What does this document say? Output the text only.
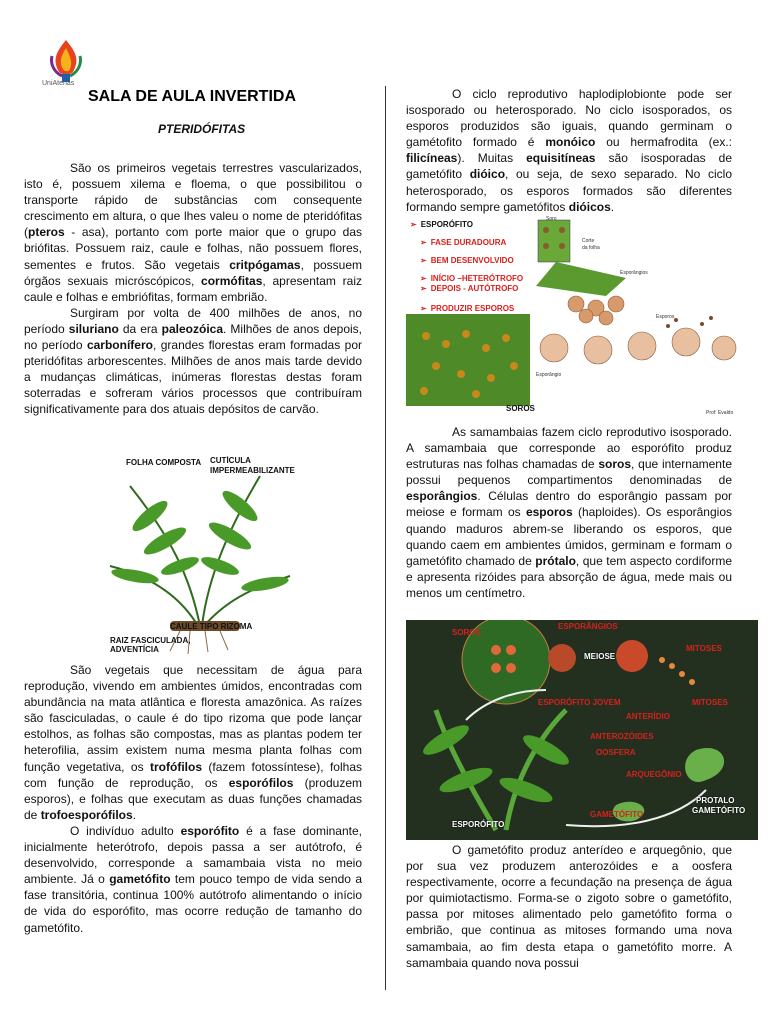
UniAtenas
SALA DE AULA INVERTIDA
PTERIDÓFITAS

São os primeiros vegetais terrestres vascularizados, isto é, possuem xilema e floema, o que possibilitou o transporte rápido de substâncias com consequente crescimento em altura, o que lhes valeu o nome de pteridófitas (pteros - asa), portanto com porte maior que o grupo das briófitas. Possuem raiz, caule e folhas, não possuem flores, sementes e frutos. São vegetais critpógamas, possuem órgãos sexuais micróscópicos, cormófitas, apresentam raiz caule e folhas e embriófitas, formam embrião.

Surgiram por volta de 400 milhões de anos, no período siluriano da era paleozóica. Milhões de anos depois, no período carbonífero, grandes florestas eram formadas por pteridófitas arborescentes. Milhões de anos mais tarde devido a mudanças climáticas, inúmeras florestas destas foram soterradas e sofreram vários processos que contribuíram significativamente para dos atuais depósitos de carvão.

FOLHA COMPOSTA CUTÍCULA
IMPERMEABILIZANTE
CAULE TIPO RIZOMA
RAIZ FASCICULADA,
ADVENTÍCIA

São vegetais que necessitam de água para reprodução, vivendo em ambientes úmidos, encontradas com abundância na mata atlântica e floresta amazônica. As raízes são fasciculadas, o caule é do tipo rizoma que pode lançar estolhos, as folhas são compostas, mas as plantas podem ter heterofilia, assim existem numa mesma planta folhas com função vegetativa, os trofófilos (fazem fotossíntese), folhas com função de reprodução, os esporófilos (produzem esporos), e folhas que executam as duas funções chamadas de trofoesporófilos.

O indivíduo adulto esporófito é a fase dominante, inicialmente heterótrofo, depois passa a ser autótrofo, é desenvolvido, corresponde a samambaia vista no meio ambiente. Já o gametófito tem pouco tempo de vida sendo a fase transitória, continua 100% autótrofo alimentando o início de vida do esporófito, mas ocorre redução de tamanho do gametófito.

O ciclo reprodutivo haplodiplobionte pode ser isosporado ou heterosporado. No ciclo isosporados, os esporos produzidos são iguais, quando germinam o gamétofito formado é monóico ou hermafrodita (ex.: filicíneas). Muitas equisitíneas são isosporadas de gametófito dióico, ou seja, de sexo separado. No ciclo heterosporado, os esporos formados são diferentes formando sempre gametófitos dióicos.

➢ ESPORÓFITO
➢ FASE DURADOURA
➢ BEM DESENVOLVIDO
➢ INÍCIO –HETERÓTROFO
➢ DEPOIS - AUTÓTROFO
➢ PRODUZIR ESPOROS
Soro
Corte
da folha
Esporângios
Esporos
Esporângio
SOROS	Prof: Evaldo

As samambaias fazem ciclo reprodutivo isosporado. A samambaia que corresponde ao esporófito produz estruturas nas folhas chamadas de soros, que internamente possui pequenos compartimentos denominadas de esporângios. Células dentro do esporângio passam por meiose e formam os esporos (haploides). Os esporângios quando maduros abrem-se liberando os esporos, que quando caem em ambientes úmidos, germinam e formam o gametófito chamado de prótalo, que tem aspecto cordiforme e apresenta rizóides para absorção de água, mede mais ou menos um centímetro.

SOROS
ESPORÂNGIOS
MEIOSE
MITOSES
MITOSES
ESPORÓFITO JOVEM
ANTERÍDIO
ANTEROZÓIDES
OOSFERA
ARQUEGÔNIO
GAMETÓFITO
ESPORÓFITO
PROTALO
GAMETÓFITO

O gametófito produz anterídeo e arquegônio, que por sua vez produzem anterozóides e a oosfera respectivamente, ocorre a fecundação na presença de água por quimiotactismo. Forma-se o zigoto sobre o gametófito, passa por mitoses alimentado pelo gametófito forma o embrião, que continua as mitoses formando uma nova samambaia, ao fim desta etapa o gametófito morre. A samambaia quando nova possui
